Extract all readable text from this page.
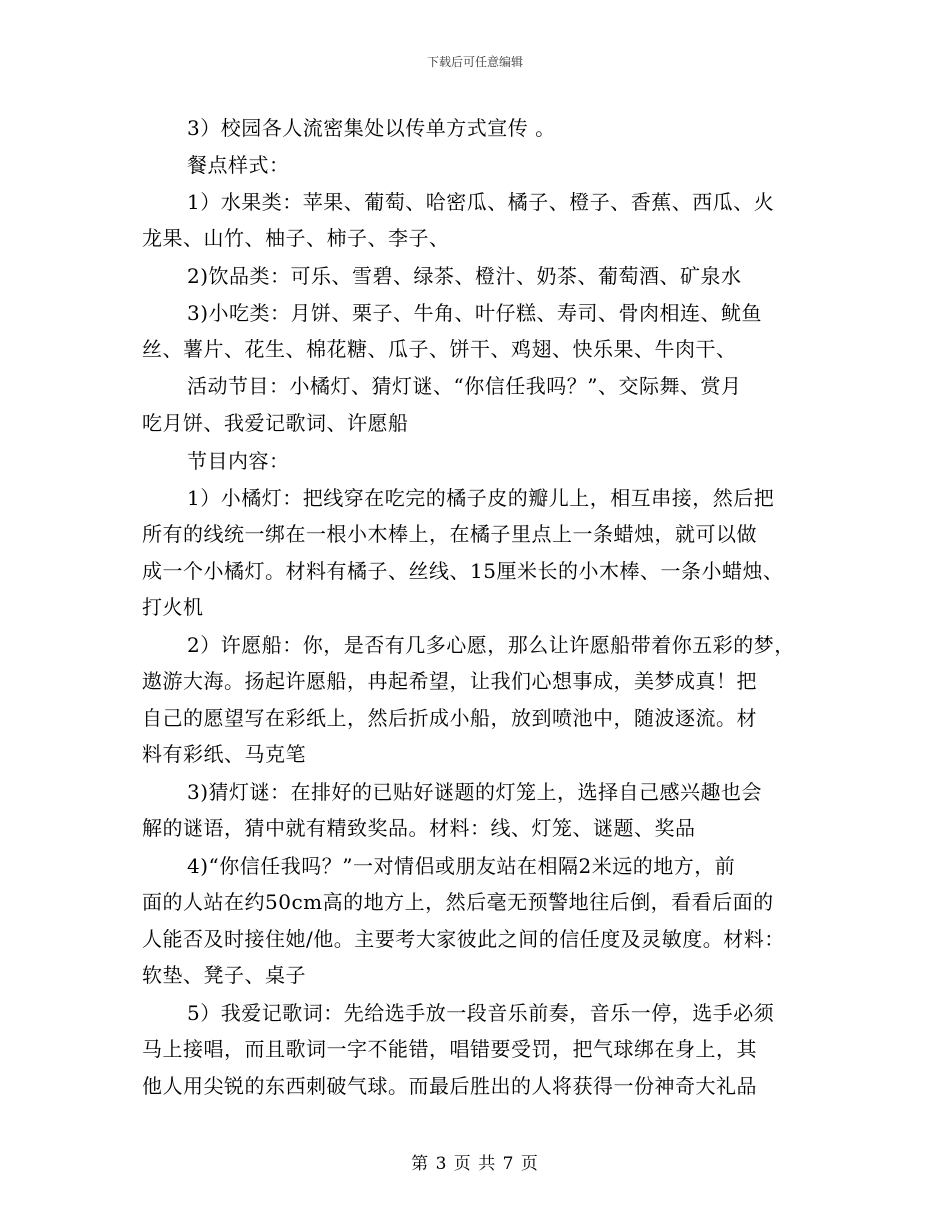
下载后可任意编辑
3）校园各人流密集处以传单方式宣传 。
餐点样式：
1）水果类：苹果、葡萄、哈密瓜、橘子、橙子、香蕉、西瓜、火
龙果、山竹、柚子、柿子、李子、
2)饮品类：可乐、雪碧、绿茶、橙汁、奶茶、葡萄酒、矿泉水
3)小吃类：月饼、栗子、牛角、叶仔糕、寿司、骨肉相连、鱿鱼
丝、薯片、花生、棉花糖、瓜子、饼干、鸡翅、快乐果、牛肉干、
活动节目：小橘灯、猜灯谜、“你信任我吗？”、交际舞、赏月
吃月饼、我爱记歌词、许愿船
节目内容：
1）小橘灯：把线穿在吃完的橘子皮的瓣儿上，相互串接，然后把
所有的线统一绑在一根小木棒上，在橘子里点上一条蜡烛，就可以做
成一个小橘灯。材料有橘子、丝线、15厘米长的小木棒、一条小蜡烛、
打火机
2）许愿船：你，是否有几多心愿，那么让许愿船带着你五彩的梦，
遨游大海。扬起许愿船，冉起希望，让我们心想事成，美梦成真！把
自己的愿望写在彩纸上，然后折成小船，放到喷池中，随波逐流。材
料有彩纸、马克笔
3)猜灯谜：在排好的已贴好谜题的灯笼上，选择自己感兴趣也会
解的谜语，猜中就有精致奖品。材料：线、灯笼、谜题、奖品
4)“你信任我吗？”一对情侣或朋友站在相隔2米远的地方，前
面的人站在约50cm高的地方上，然后毫无预警地往后倒，看看后面的
人能否及时接住她/他。主要考大家彼此之间的信任度及灵敏度。材料：
软垫、凳子、桌子
5）我爱记歌词：先给选手放一段音乐前奏，音乐一停，选手必须
马上接唱，而且歌词一字不能错，唱错要受罚，把气球绑在身上，其
他人用尖锐的东西刺破气球。而最后胜出的人将获得一份神奇大礼品
第 3 页 共 7 页
